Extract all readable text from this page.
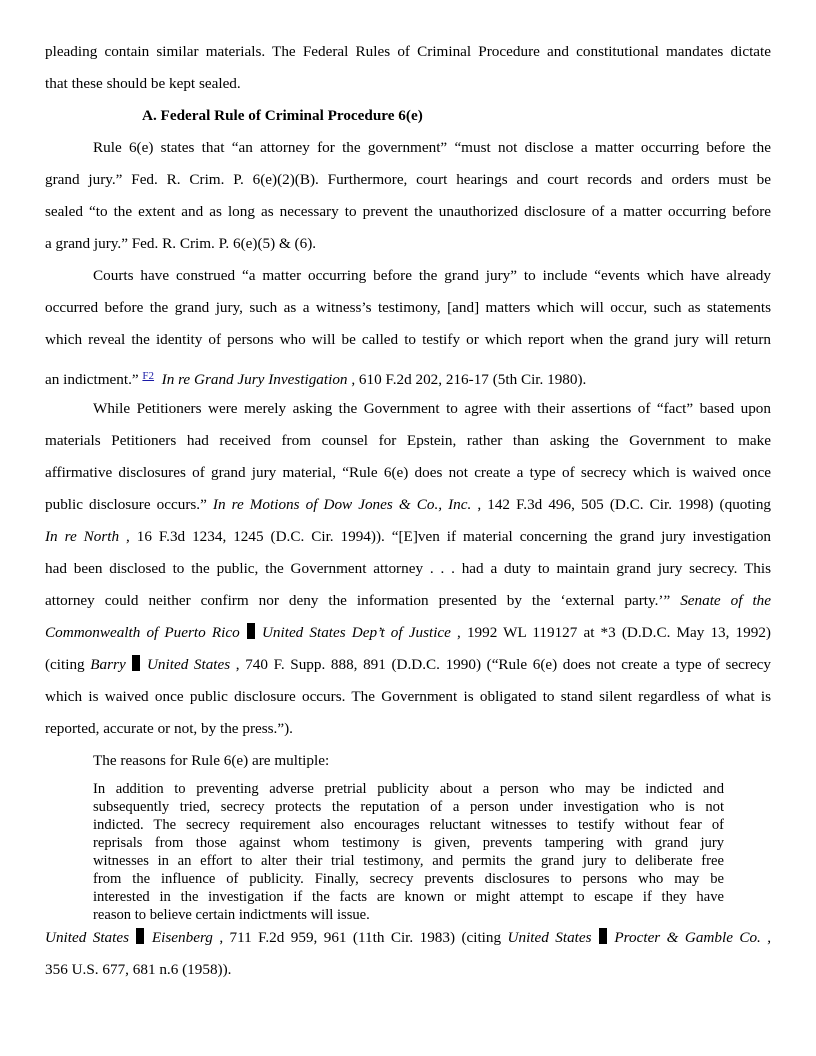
pleading contain similar materials. The Federal Rules of Criminal Procedure and constitutional mandates dictate
that these should be kept sealed.
A. Federal Rule of Criminal Procedure 6(e)
Rule 6(e) states that “an attorney for the government” “must not disclose a matter occurring before the
grand jury.” Fed. R. Crim. P. 6(e)(2)(B). Furthermore, court hearings and court records and orders must be
sealed “to the extent and as long as necessary to prevent the unauthorized disclosure of a matter occurring before
a grand jury.” Fed. R. Crim. P. 6(e)(5) & (6).
Courts have construed “a matter occurring before the grand jury” to include “events which have already
occurred before the grand jury, such as a witness’s testimony, [and] matters which will occur, such as statements
which reveal the identity of persons who will be called to testify or which report when the grand jury will return
an indictment.” $^{F2}$ In re Grand Jury Investigation , 610 F.2d 202, 216-17 (5th Cir. 1980).
While Petitioners were merely asking the Government to agree with their assertions of “fact” based upon
materials Petitioners had received from counsel for Epstein, rather than asking the Government to make
affirmative disclosures of grand jury material, “Rule 6(e) does not create a type of secrecy which is waived once
public disclosure occurs.” In re Motions of Dow Jones & Co., Inc. , 142 F.3d 496, 505 (D.C. Cir. 1998) (quoting
In re North , 16 F.3d 1234, 1245 (D.C. Cir. 1994)). “[E]ven if material concerning the grand jury investigation
had been disclosed to the public, the Government attorney . . . had a duty to maintain grand jury secrecy. This
attorney could neither confirm nor deny the information presented by the ‘external party.’” Senate of the
Commonwealth of Puerto Rico United States Dep’t of Justice , 1992 WL 119127 at *3 (D.D.C. May 13, 1992)
(citing Barry United States , 740 F. Supp. 888, 891 (D.D.C. 1990) (“Rule 6(e) does not create a type of secrecy
which is waived once public disclosure occurs. The Government is obligated to stand silent regardless of what is
reported, accurate or not, by the press.”).
The reasons for Rule 6(e) are multiple:
In addition to preventing adverse pretrial publicity about a person who may be indicted and
subsequently tried, secrecy protects the reputation of a person under investigation who is not
indicted. The secrecy requirement also encourages reluctant witnesses to testify without fear of
reprisals from those against whom testimony is given, prevents tampering with grand jury
witnesses in an effort to alter their trial testimony, and permits the grand jury to deliberate free
from the influence of publicity. Finally, secrecy prevents disclosures to persons who may be
interested in the investigation if the facts are known or might attempt to escape if they have
reason to believe certain indictments will issue.
United States Eisenberg , 711 F.2d 959, 961 (11th Cir. 1983) (citing United States Procter & Gamble Co. ,
356 U.S. 677, 681 n.6 (1958)).
